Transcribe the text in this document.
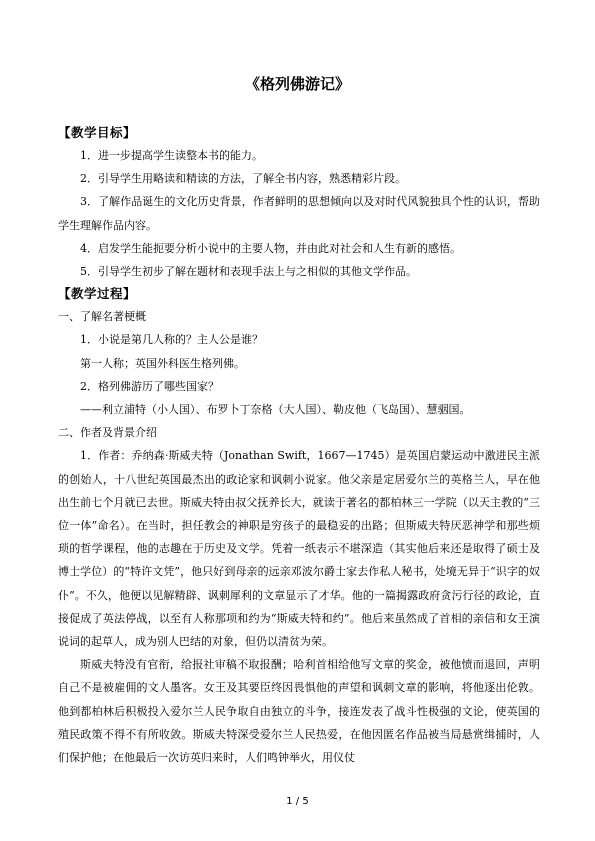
《格列佛游记》
【教学目标】
1．进一步提高学生读整本书的能力。
2．引导学生用略读和精读的方法，了解全书内容，熟悉精彩片段。

3．了解作品诞生的文化历史背景，作者鲜明的思想倾向以及对时代风貌独具个性的认识，帮助学生理解作品内容。

4．启发学生能扼要分析小说中的主要人物，并由此对社会和人生有新的感悟。
5．引导学生初步了解在题材和表现手法上与之相似的其他文学作品。
【教学过程】
一、了解名著梗概
1．小说是第几人称的？主人公是谁？
第一人称；英国外科医生格列佛。
2．格列佛游历了哪些国家？
——利立浦特（小人国）、布罗卜丁奈格（大人国）、勒皮他（飞岛国）、慧骃国。
二、作者及背景介绍

1．作者：乔纳森·斯威夫特（Jonathan Swift，1667—1745）是英国启蒙运动中激进民主派的创始人，十八世纪英国最杰出的政论家和讽刺小说家。他父亲是定居爱尔兰的英格兰人，早在他出生前七个月就已去世。斯威夫特由叔父抚养长大，就读于著名的都柏林三一学院（以天主教的“三位一体”命名）。在当时，担任教会的神职是穷孩子的最稳妥的出路；但斯威夫特厌恶神学和那些烦琐的哲学课程，他的志趣在于历史及文学。凭着一纸表示不堪深造（其实他后来还是取得了硕士及博士学位）的“特许文凭”，他只好到母亲的远亲邓波尔爵士家去作私人秘书，处境无异于“识字的奴仆”。不久，他便以见解精辟、讽刺犀利的文章显示了才华。他的一篇揭露政府贪污行径的政论，直接促成了英法停战，以至有人称那项和约为“斯威夫特和约”。他后来虽然成了首相的亲信和女王演说词的起草人，成为别人巴结的对象，但仍以清贫为荣。

斯威夫特没有官衔，给报社审稿不取报酬；哈利首相给他写文章的奖金，被他愤而退回，声明自己不是被雇佣的文人墨客。女王及其要臣终因畏惧他的声望和讽刺文章的影响，将他逐出伦敦。他到都柏林后积极投入爱尔兰人民争取自由独立的斗争，接连发表了战斗性极强的文论，使英国的殖民政策不得不有所收敛。斯威夫特深受爱尔兰人民热爱，在他因匿名作品被当局悬赏缉捕时，人们保护他；在他最后一次访英归来时，人们鸣钟举火，用仪仗

1 / 5
